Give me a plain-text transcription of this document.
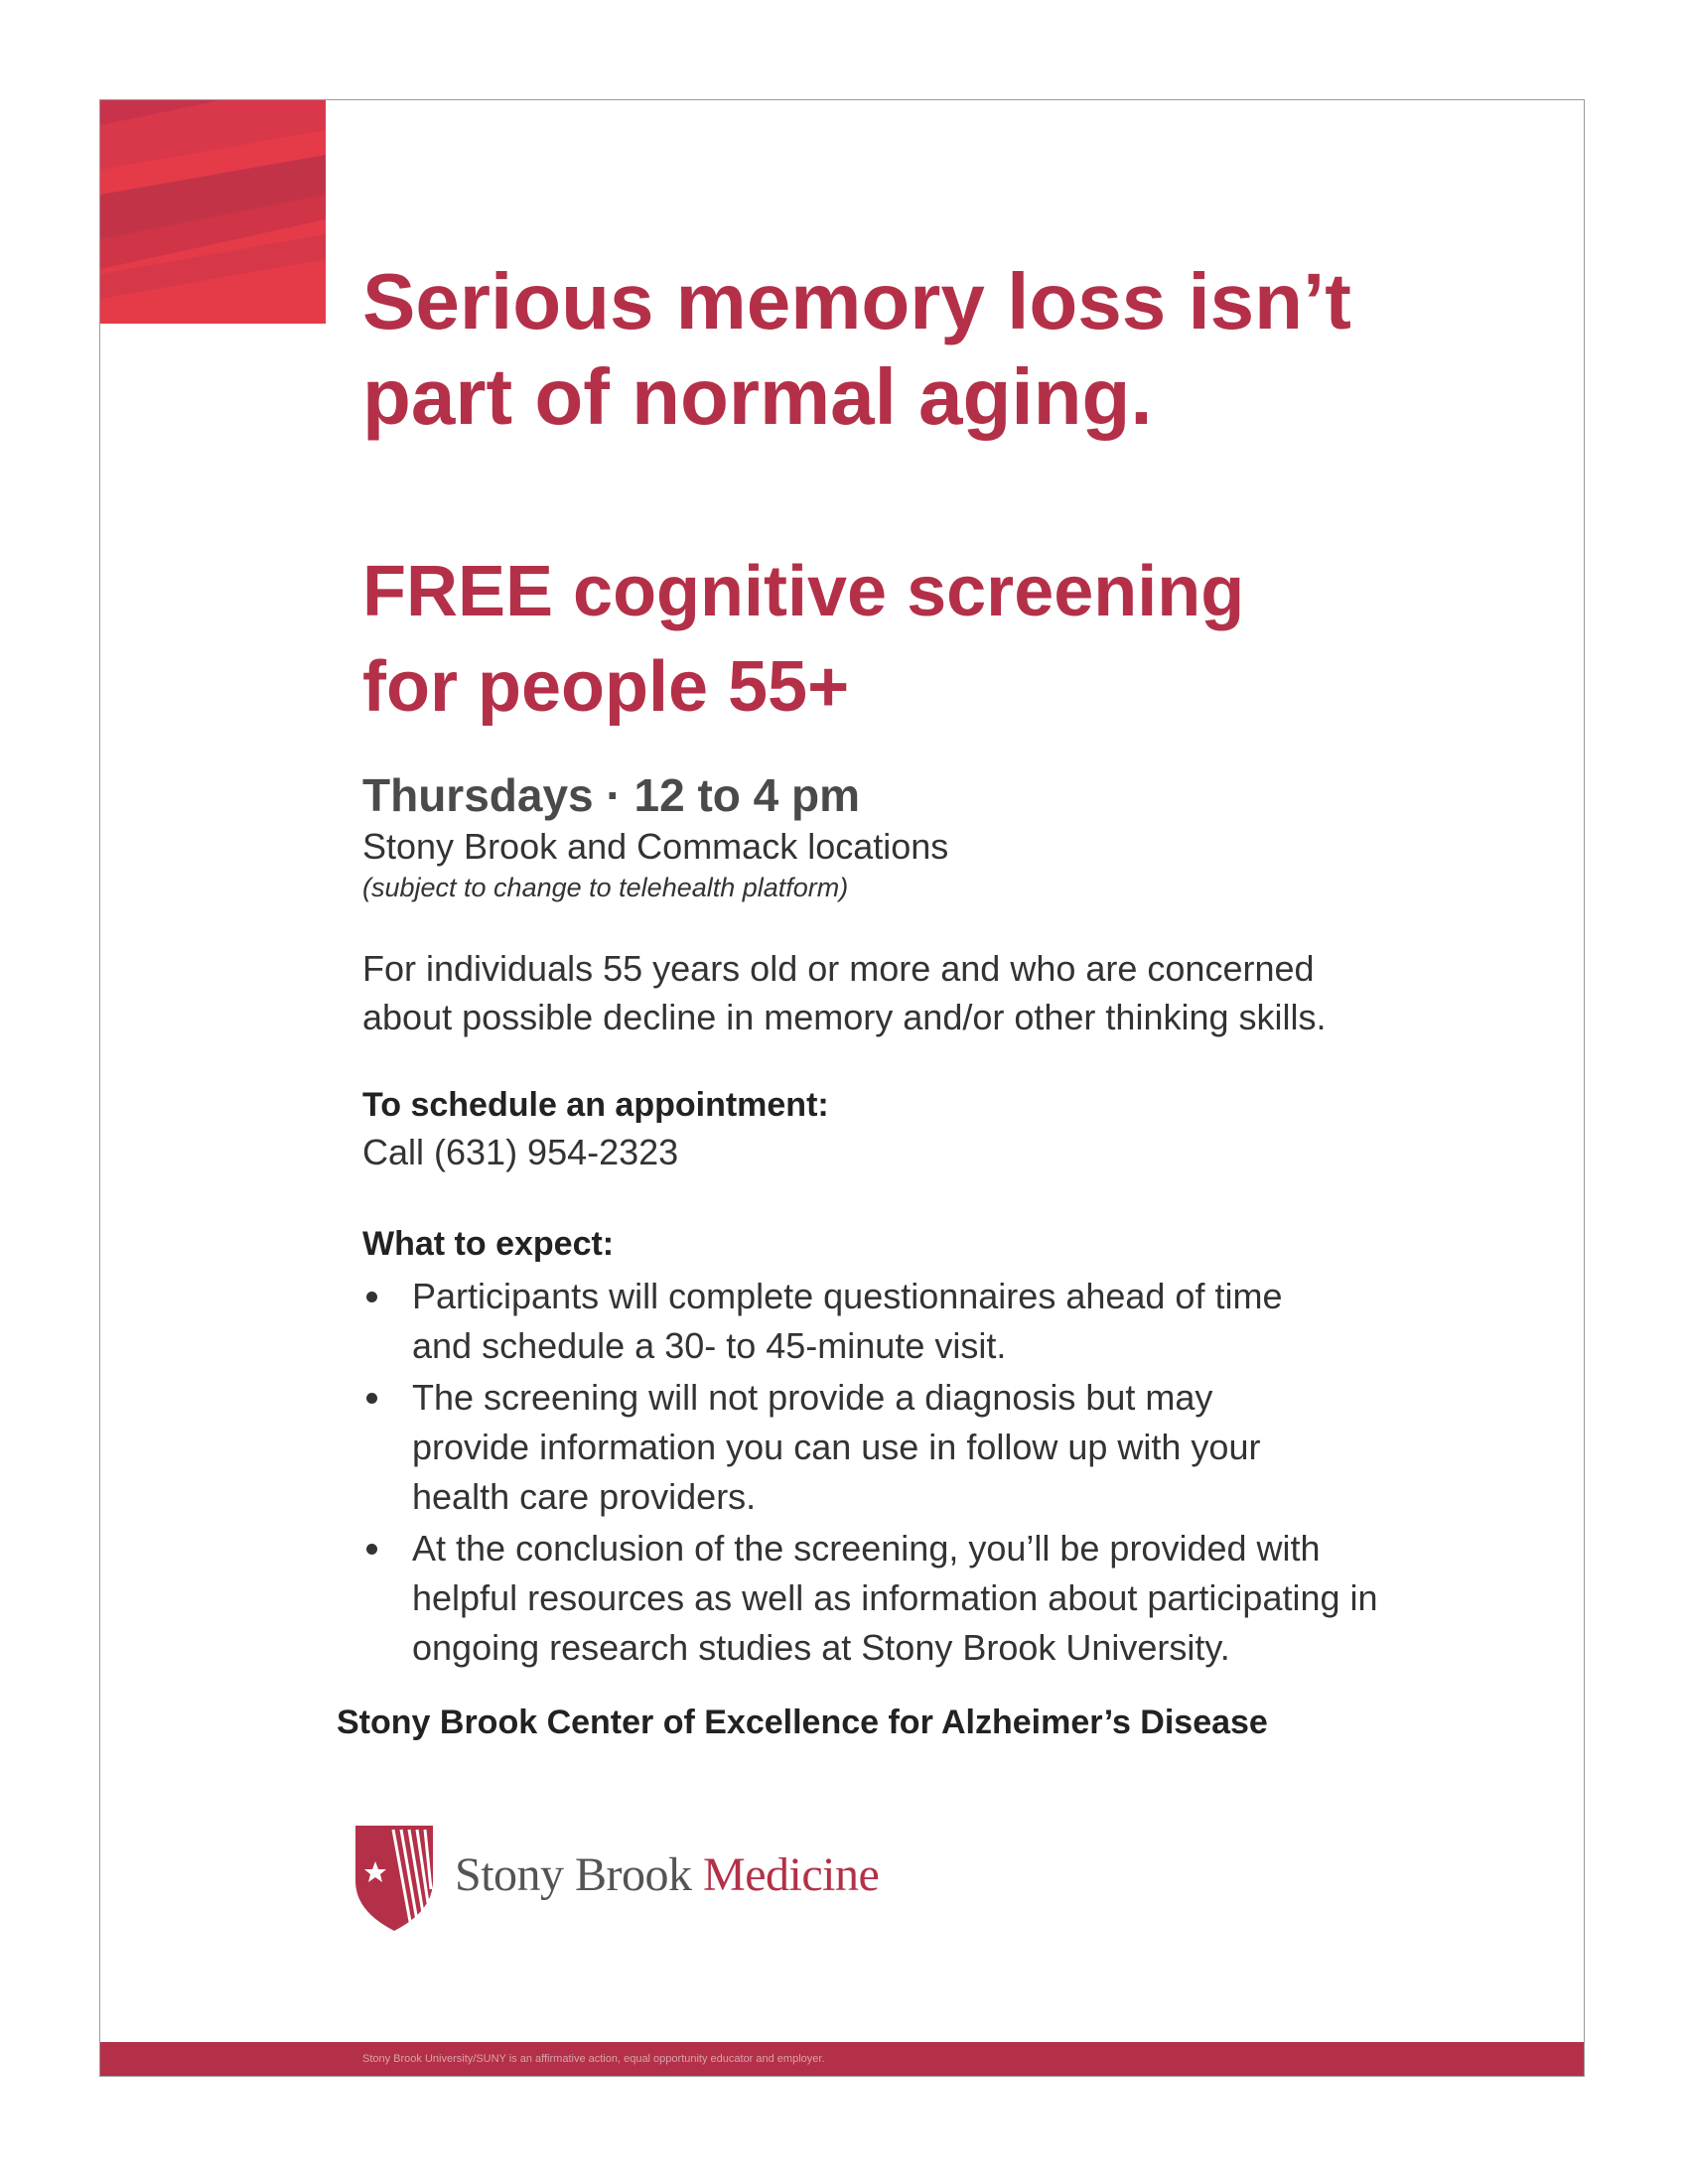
Serious memory loss isn’t
part of normal aging.
FREE cognitive screening
for people 55+

Thursdays · 12 to 4 pm

Stony Brook and Commack locations

(subject to change to telehealth platform)

For individuals 55 years old or more and who are concerned
about possible decline in memory and/or other thinking skills.

To schedule an appointment:

Call (631) 954-2323

What to expect:

Participants will complete questionnaires ahead of time
and schedule a 30- to 45-minute visit.
The screening will not provide a diagnosis but may
provide information you can use in follow up with your
health care providers.
At the conclusion of the screening, you’ll be provided with
helpful resources as well as information about participating in
ongoing research studies at Stony Brook University.

Stony Brook Center of Excellence for Alzheimer’s Disease

Stony Brook Medicine

Stony Brook University/SUNY is an affirmative action, equal opportunity educator and employer.
